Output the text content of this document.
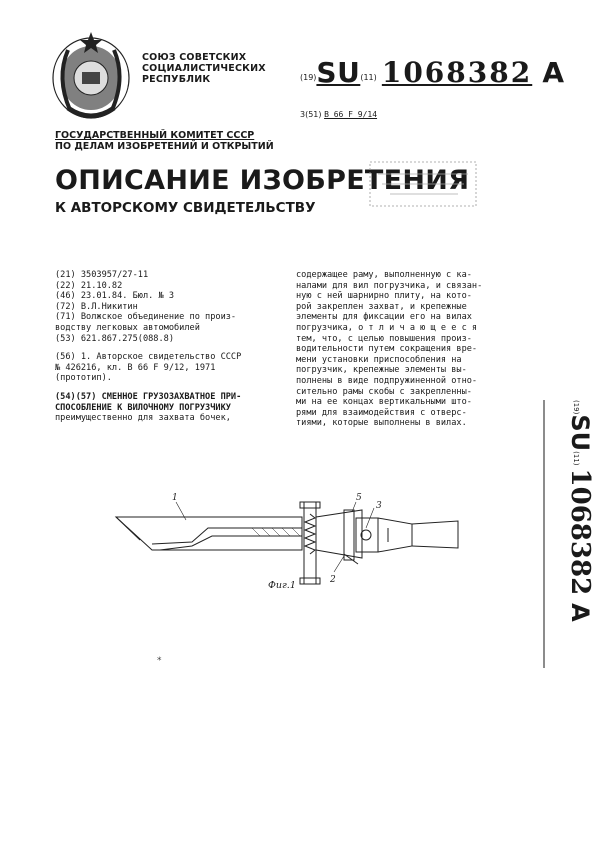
СОЮЗ СОВЕТСКИХ
СОЦИАЛИСТИЧЕСКИХ
РЕСПУБЛИК	(19)SU(11) 1068382 A
3(51) В 66 F 9/14
ГОСУДАРСТВЕННЫЙ КОМИТЕТ СССР
ПО ДЕЛАМ ИЗОБРЕТЕНИЙ И ОТКРЫТИЙ
ОПИСАНИЕ ИЗОБРЕТЕНИЯ
К АВТОРСКОМУ СВИДЕТЕЛЬСТВУ
(21) 3503957/27-11
(22) 21.10.82
(46) 23.01.84. Бюл. № 3
(72) В.Л.Никитин
(71) Волжское объединение по произ-
водству легковых автомобилей
(53) 621.867.275(088.8)
(56) 1. Авторское свидетельство СССР
№ 426216, кл. В 66 F 9/12, 1971
(прототип).
(54)(57) СМЕННОЕ ГРУЗОЗАХВАТНОЕ ПРИ-
СПОСОБЛЕНИЕ К ВИЛОЧНОМУ ПОГРУЗЧИКУ
преимущественно для захвата бочек,
содержащее раму, выполненную с ка-
налами для вил погрузчика, и связан-
ную с ней шарнирно плиту, на кото-
рой закреплен захват, и крепежные
элементы для фиксации его на вилах
погрузчика, о т л и ч а ю щ е е с я
тем, что, с целью повышения произ-
водительности путем сокращения вре-
мени установки приспособления на
погрузчик, крепежные элементы вы-
полнены в виде подпружиненной отно-
сительно рамы скобы с закрепленны-
ми на ее концах вертикальными што-
рями для взаимодействия с отверс-
тиями, которые выполнены в вилах.
(19)SU(11)1068382A
1
2
3
5
Фиг.1
*
